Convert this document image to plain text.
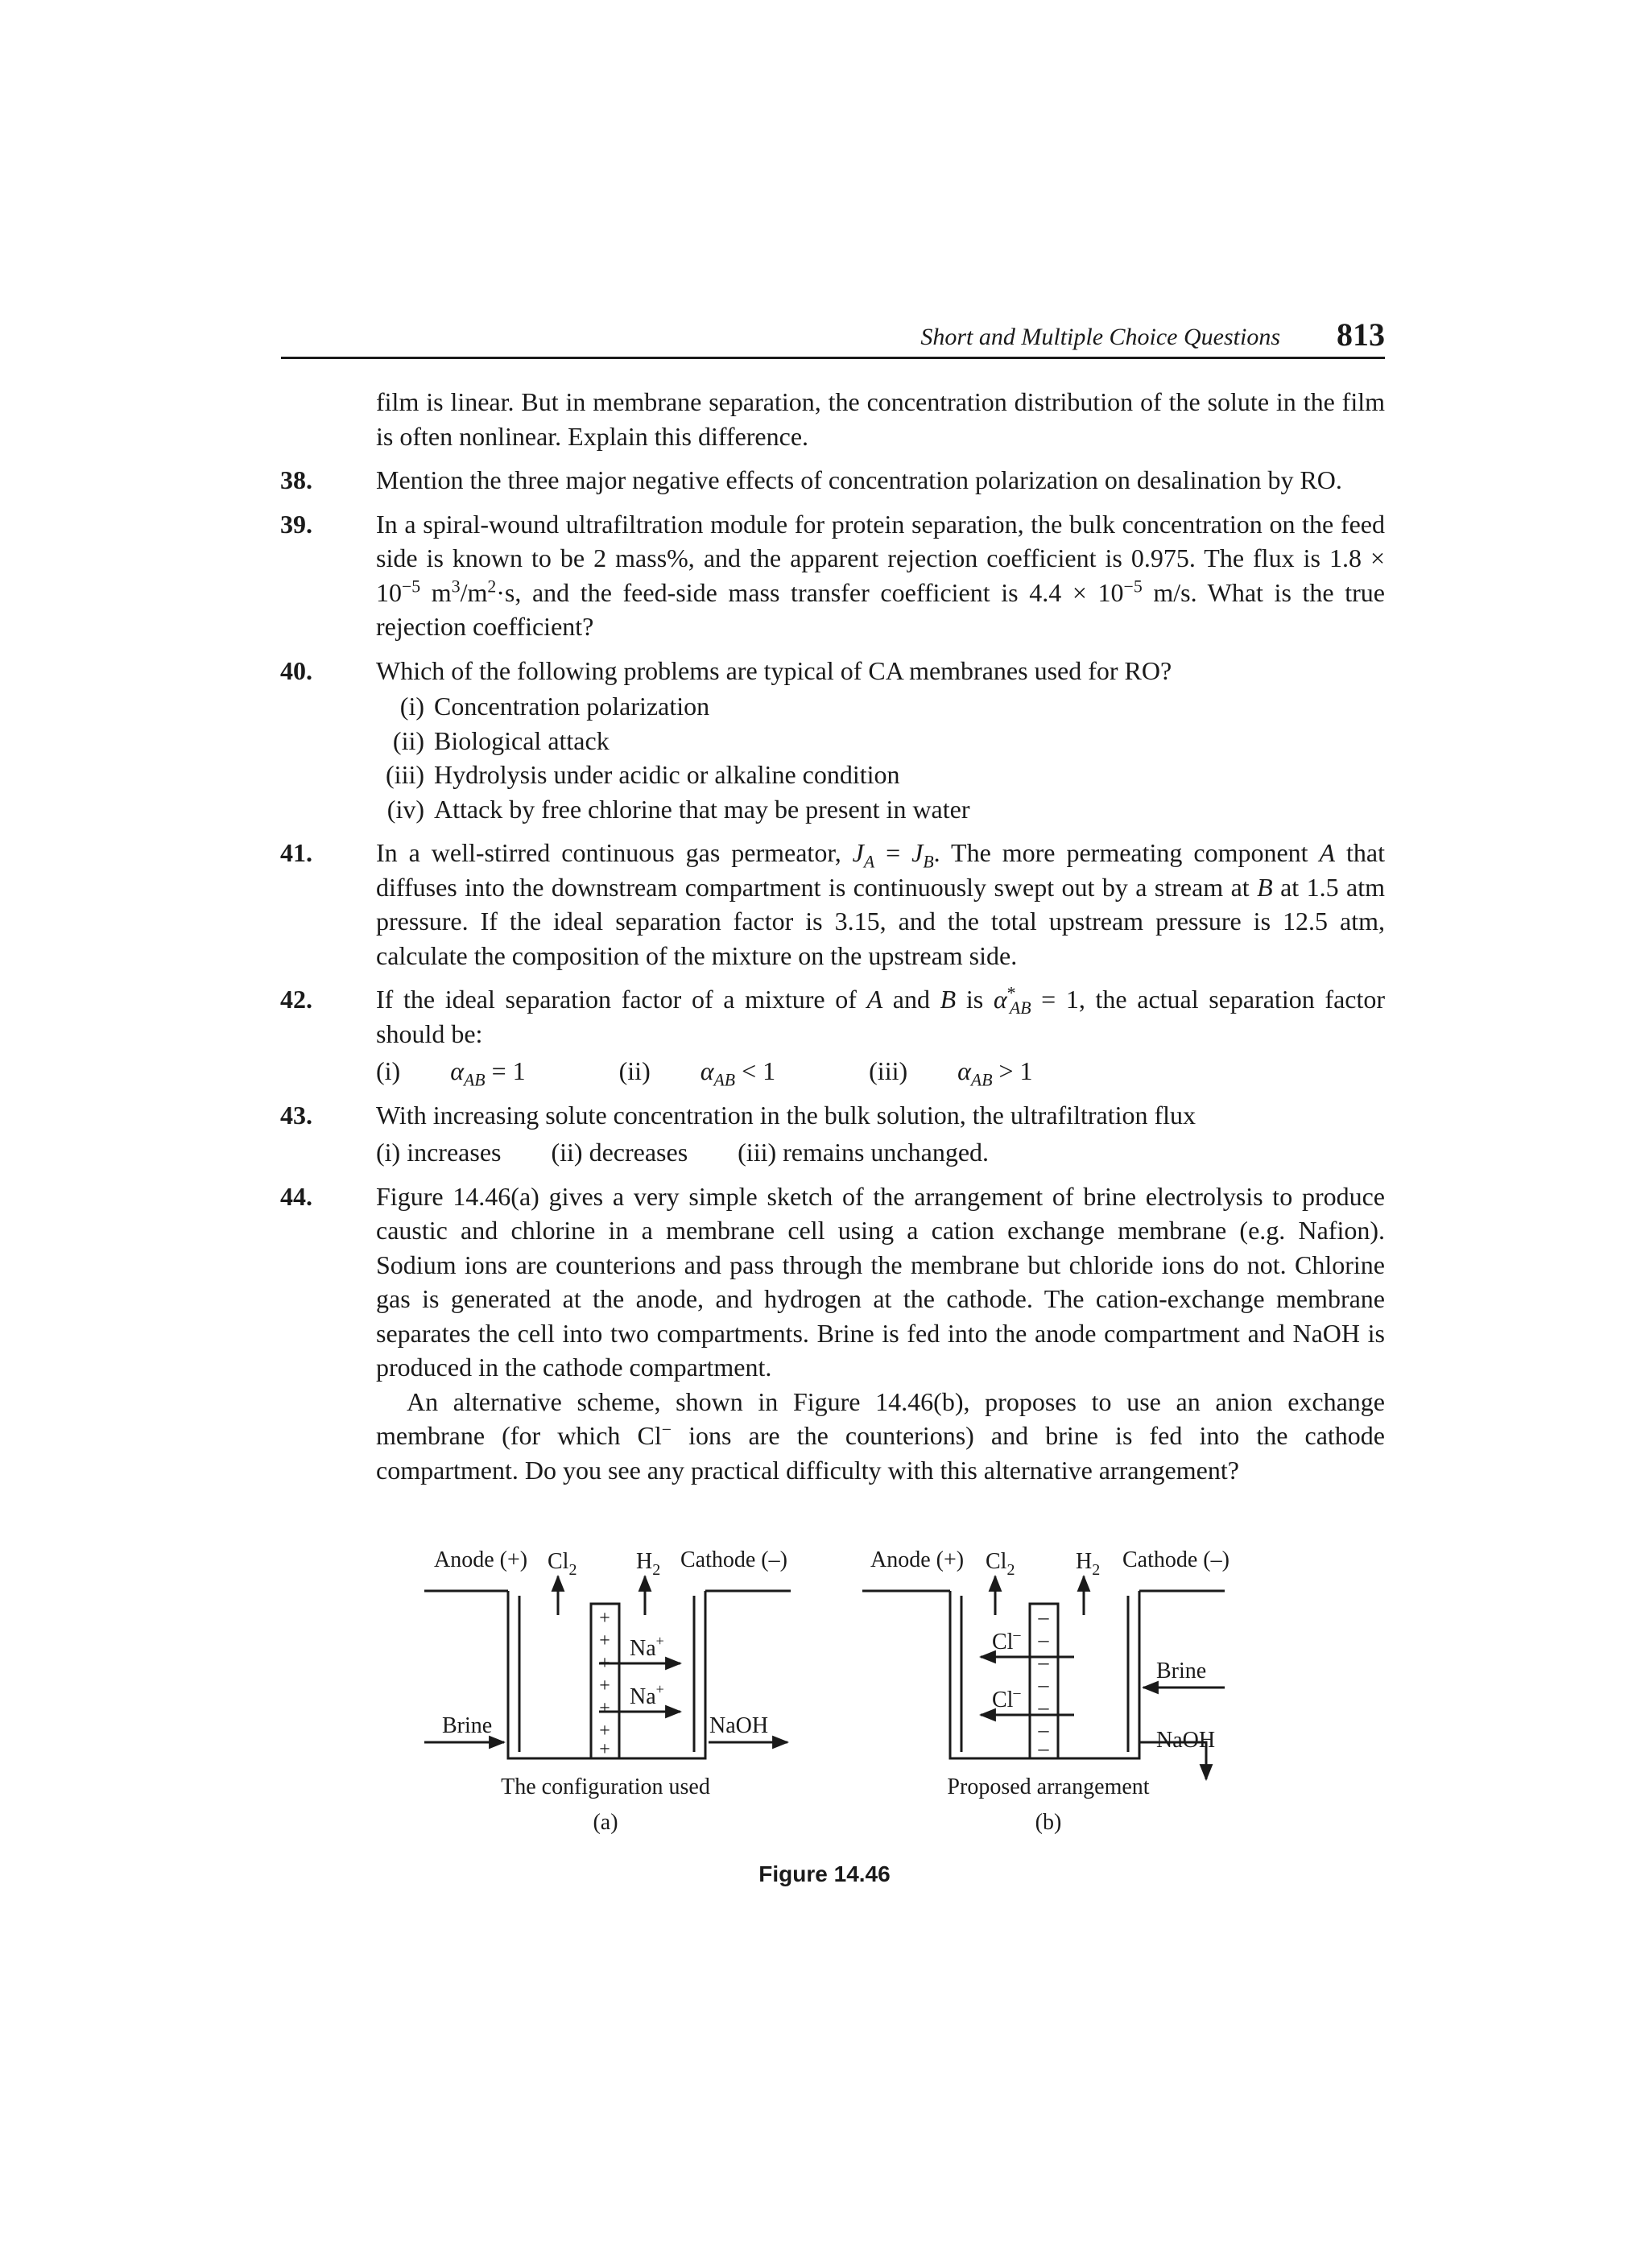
Short and Multiple Choice Questions 813
film is linear. But in membrane separation, the concentration distribution of the solute in the film is often nonlinear. Explain this difference.
38. Mention the three major negative effects of concentration polarization on desalination by RO.
39. In a spiral-wound ultrafiltration module for protein separation, the bulk concentration on the feed side is known to be 2 mass%, and the apparent rejection coefficient is 0.975. The flux is $1.8 \times 10^{-5}$ $m^3/m^2\cdot s$, and the feed-side mass transfer coefficient is $4.4 \times 10^{-5}$ m/s. What is the true rejection coefficient?
40. Which of the following problems are typical of CA membranes used for RO?
(i) Concentration polarization
(ii) Biological attack
(iii) Hydrolysis under acidic or alkaline condition
(iv) Attack by free chlorine that may be present in water
41. In a well-stirred continuous gas permeator, $J_A = J_B$. The more permeating component A that diffuses into the downstream compartment is continuously swept out by a stream at B at 1.5 atm pressure. If the ideal separation factor is 3.15, and the total upstream pressure is 12.5 atm, calculate the composition of the mixture on the upstream side.
42. If the ideal separation factor of a mixture of A and B is $\alpha^*_{AB} = 1$, the actual separation factor should be:
(i) $\alpha_{AB} = 1$	(ii) $\alpha_{AB} < 1$	(iii) $\alpha_{AB} > 1$
43. With increasing solute concentration in the bulk solution, the ultrafiltration flux
(i) increases (ii) decreases (iii) remains unchanged.
44. Figure 14.46(a) gives a very simple sketch of the arrangement of brine electrolysis to produce caustic and chlorine in a membrane cell using a cation exchange membrane (e.g. Nafion). Sodium ions are counterions and pass through the membrane but chloride ions do not. Chlorine gas is generated at the anode, and hydrogen at the cathode. The cation-exchange membrane separates the cell into two compartments. Brine is fed into the anode compartment and NaOH is produced in the cathode compartment.
An alternative scheme, shown in Figure 14.46(b), proposes to use an anion exchange membrane (for which Cl− ions are the counterions) and brine is fed into the cathode compartment. Do you see any practical difficulty with this alternative arrangement?
Anode (+) $Cl_2$	$H_2$ Cathode (–)
+
+
+
+
+
+
+
Na+
Na+
Brine	NaOH
The configuration used
(a)
Anode (+) $Cl_2$	$H_2$ Cathode (–)
–
–
–
–
–
–
–
Cl–
Cl–
Brine
NaOH
Proposed arrangement
(b)
Figure 14.46
